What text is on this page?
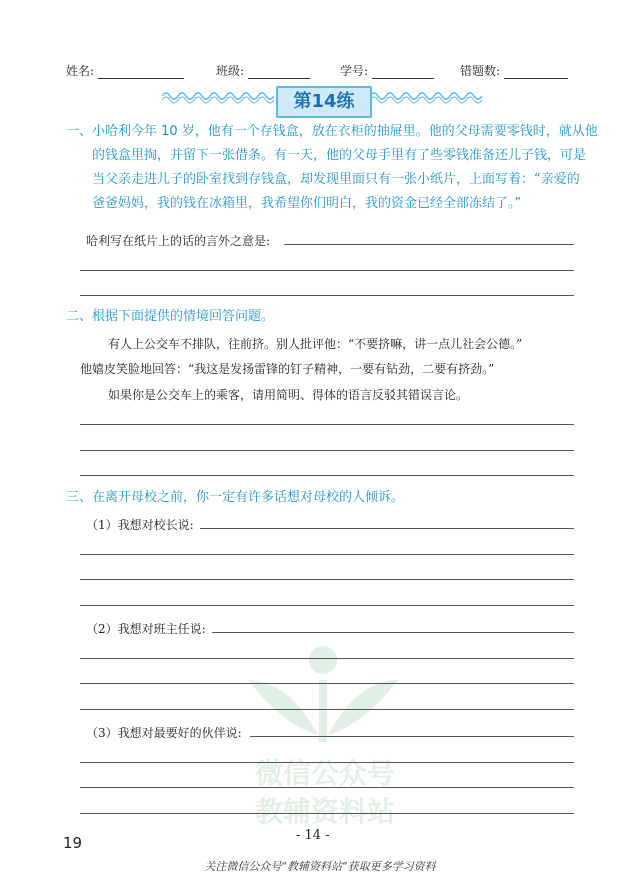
姓名:	班级:	学号:	错题数:
第14练
一、小哈利今年 10 岁，他有一个存钱盒，放在衣柜的抽屉里。他的父母需要零钱时，就从他
的钱盒里掏，并留下一张借条。有一天，他的父母手里有了些零钱准备还儿子钱，可是
当父亲走进儿子的卧室找到存钱盒，却发现里面只有一张小纸片，上面写着：“亲爱的
爸爸妈妈，我的钱在冰箱里，我希望你们明白，我的资金已经全部冻结了。”
哈利写在纸片上的话的言外之意是:
二、根据下面提供的情境回答问题。
有人上公交车不排队，往前挤。别人批评他：“不要挤嘛，讲一点儿社会公德。”
他嬉皮笑脸地回答：“我这是发扬雷锋的钉子精神，一要有钻劲，二要有挤劲。”
如果你是公交车上的乘客，请用简明、得体的语言反驳其错误言论。
三、在离开母校之前，你一定有许多话想对母校的人倾诉。
（1）我想对校长说:
（2）我想对班主任说:
（3）我想对最要好的伙伴说:
微信公众号
教辅资料站
- 14 -
19
关注微信公众号“教辅资料站”获取更多学习资料
